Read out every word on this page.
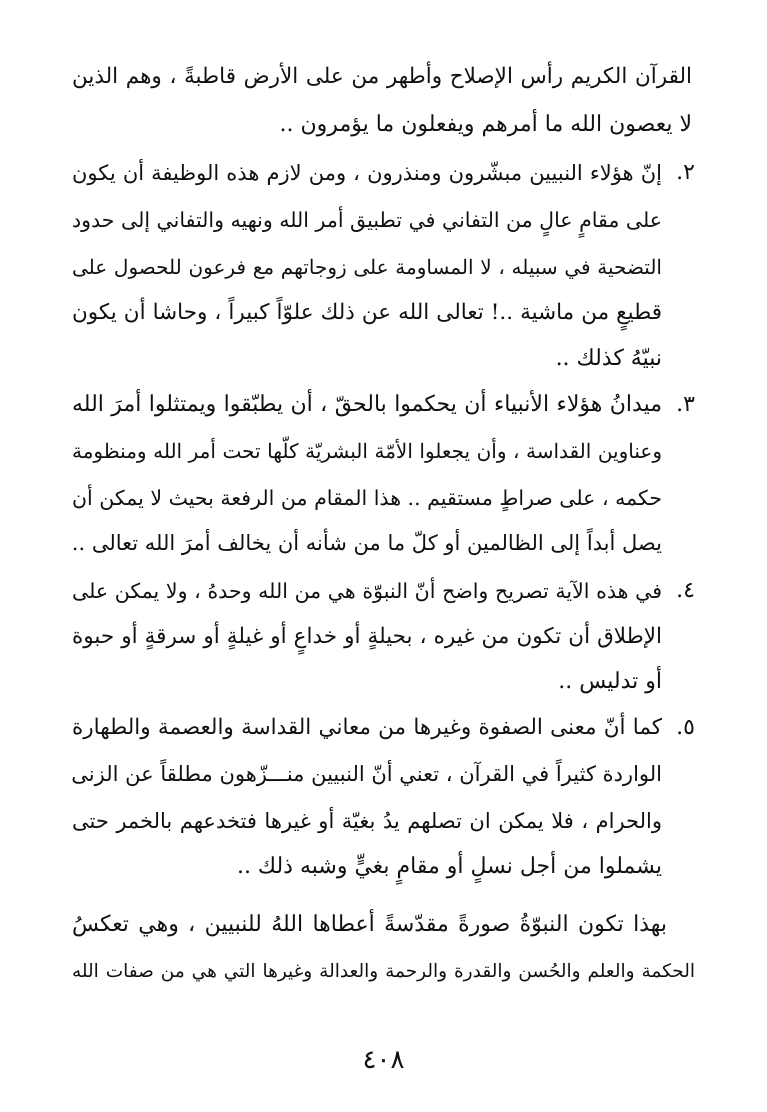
القرآن الكريم رأس الإصلاح وأطهر من على الأرض قاطبةً ، وهم الذين
لا يعصون الله ما أمرهم ويفعلون ما يؤمرون ..
٢.
إنّ هؤلاء النبيين مبشّرون ومنذرون ، ومن لازم هذه الوظيفة أن يكون
على مقامٍ عالٍ من التفاني في تطبيق أمر الله ونهيه والتفاني إلى حدود
التضحية في سبيله ، لا المساومة على زوجاتهم مع فرعون للحصول على
قطيعٍ من ماشية ..! تعالى الله عن ذلك علوّاً كبيراً ، وحاشا أن يكون
نبيّهُ كذلك ..
٣.
ميدانُ هؤلاء الأنبياء أن يحكموا بالحقّ ، أن يطبّقوا ويمتثلوا أمرَ الله
وعناوين القداسة ، وأن يجعلوا الأمّة البشريّة كلّها تحت أمر الله ومنظومة
حكمه ، على صراطٍ مستقيم .. هذا المقام من الرفعة بحيث لا يمكن أن
يصل أبداً إلى الظالمين أو كلّ ما من شأنه أن يخالف أمرَ الله تعالى ..
٤.
في هذه الآية تصريح واضح أنّ النبوّة هي من الله وحدهُ ، ولا يمكن على
الإطلاق أن تكون من غيره ، بحيلةٍ أو خداعٍ أو غيلةٍ أو سرقةٍ أو حبوة
أو تدليس ..
٥.
كما أنّ معنى الصفوة وغيرها من معاني القداسة والعصمة والطهارة
الواردة كثيراً في القرآن ، تعني أنّ النبيين منـــزّهون مطلقاً عن الزنى
والحرام ، فلا يمكن ان تصلهم يدُ بغيّة أو غيرها فتخدعهم بالخمر حتى
يشملوا من أجل نسلٍ أو مقامٍ بغيٍّ وشبه ذلك ..
بهذا تكون النبوّةُ صورةً مقدّسةً أعطاها اللهُ للنبيين ، وهي تعكسُ
الحكمة والعلم والحُسن والقدرة والرحمة والعدالة وغيرها التي هي من صفات الله
٤٠٨
